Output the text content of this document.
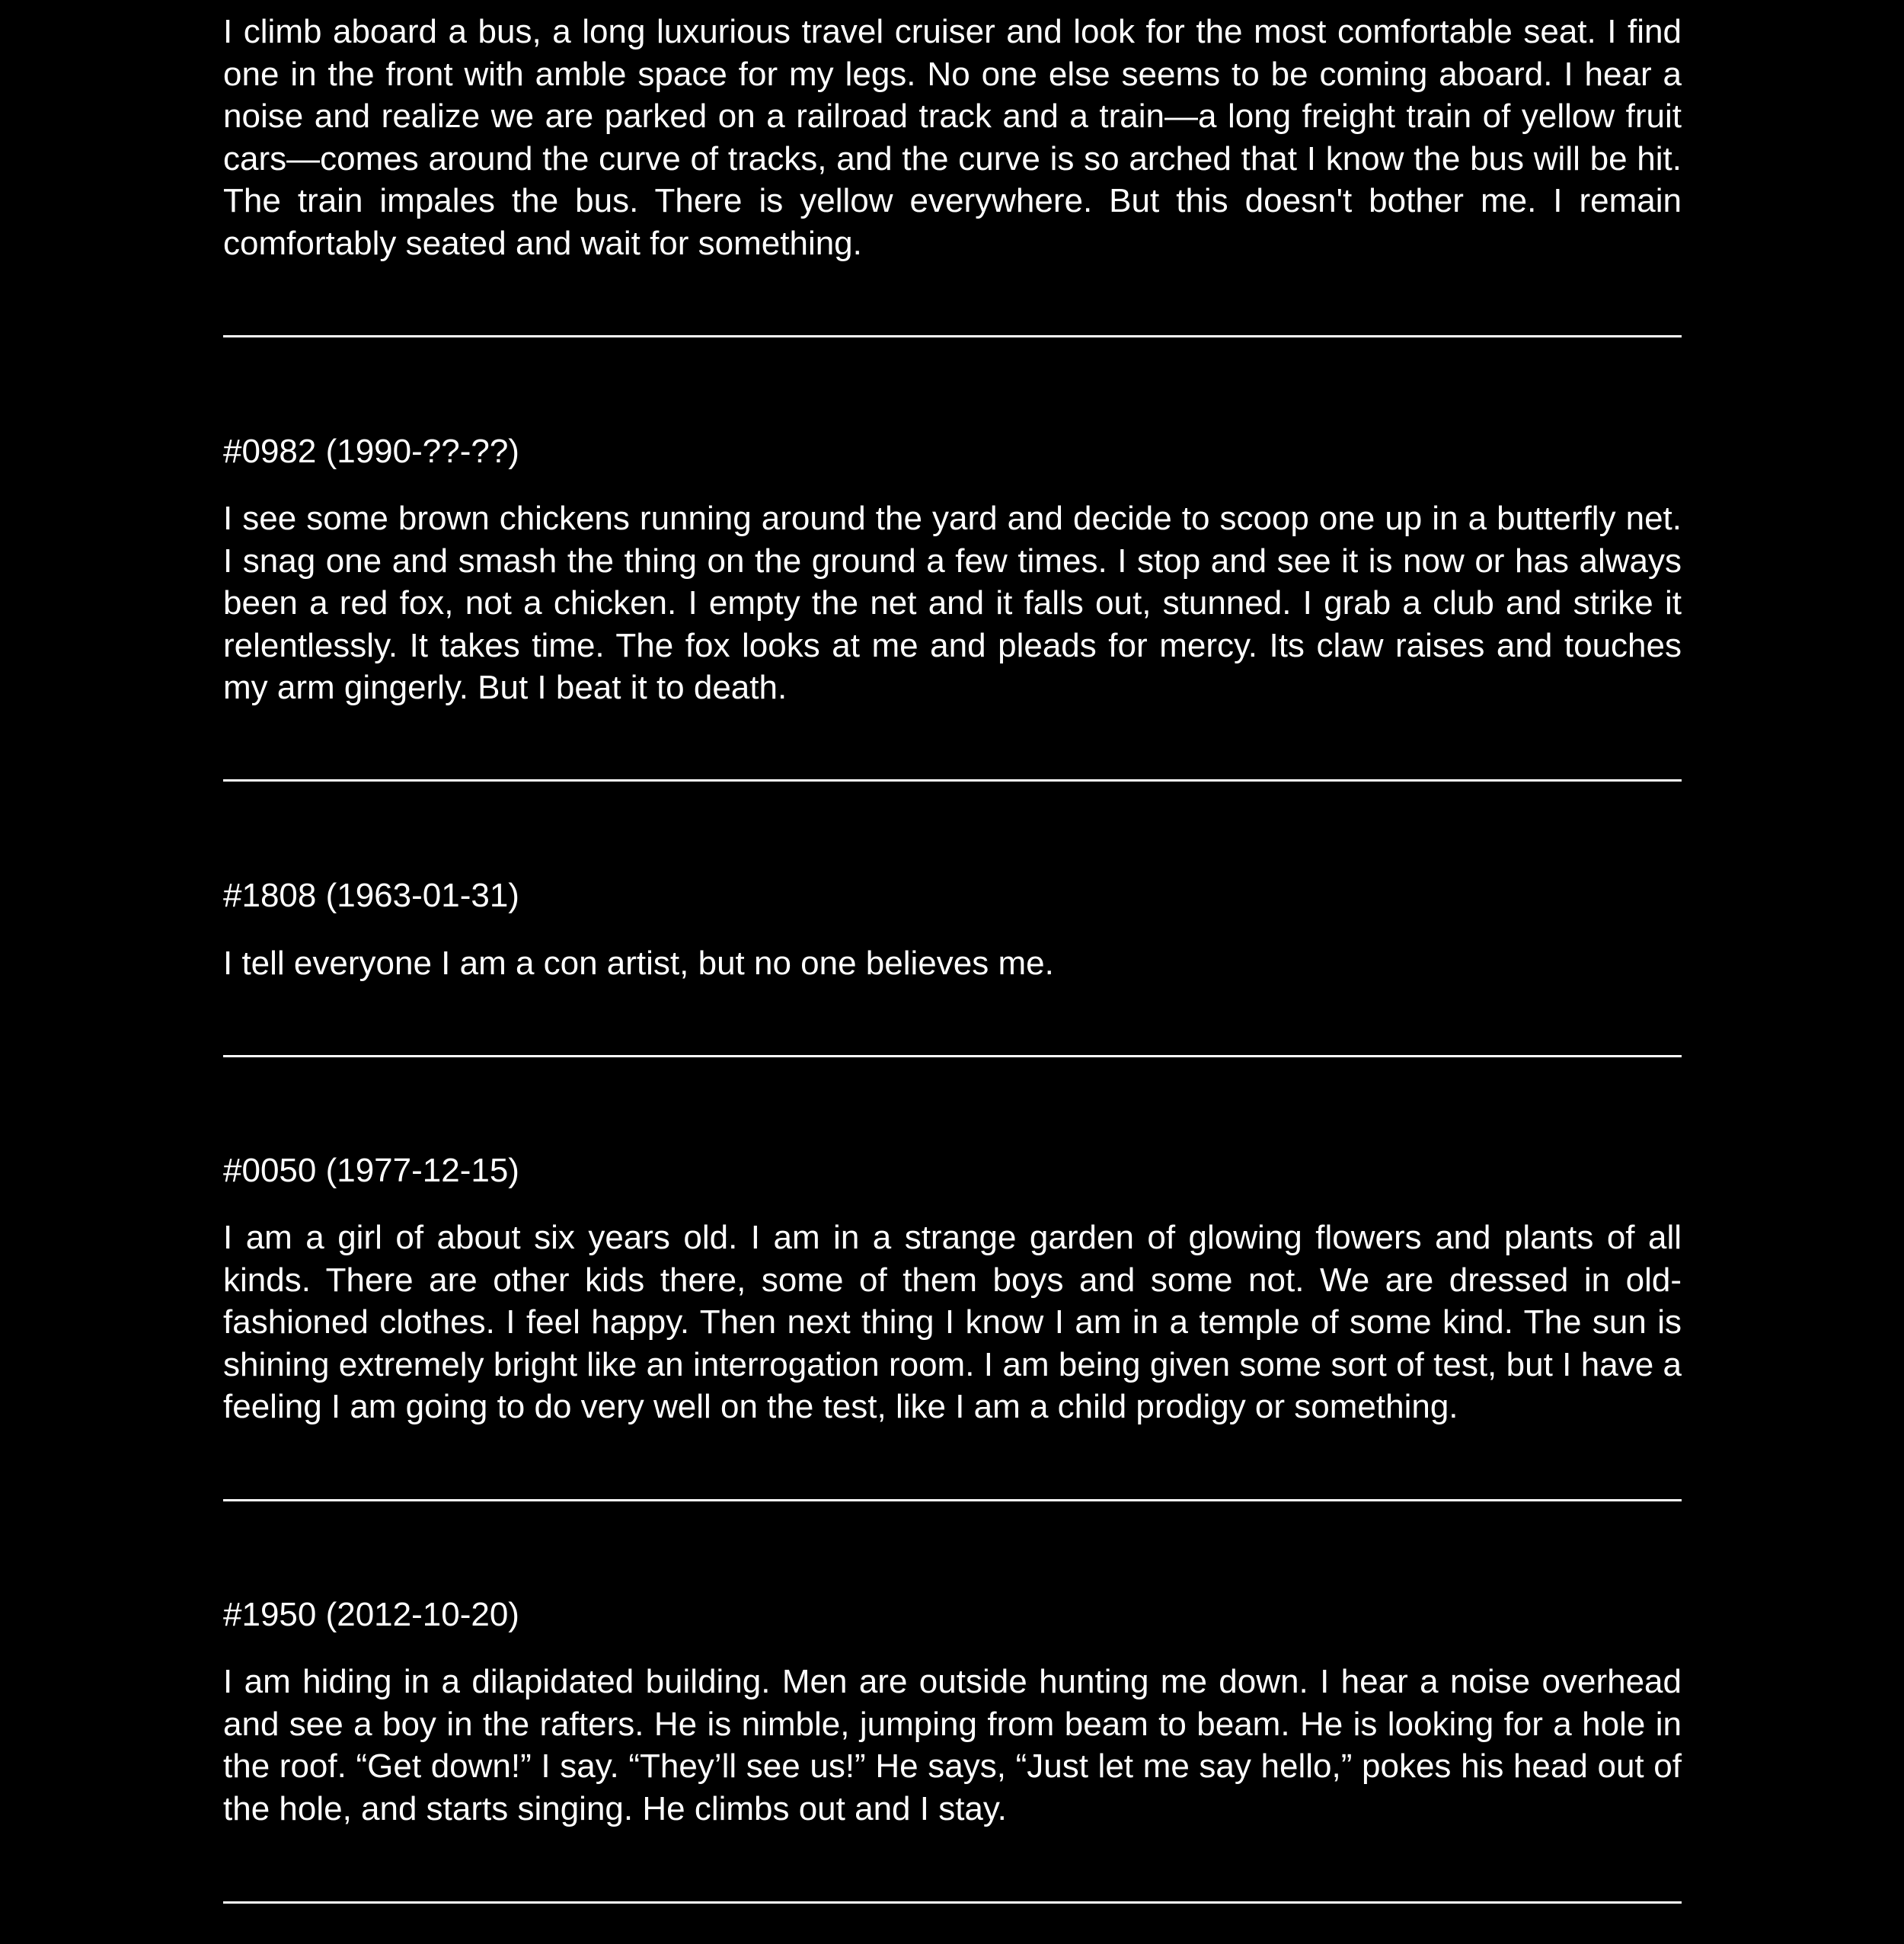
I climb aboard a bus, a long luxurious travel cruiser and look for the most comfortable seat. I find one in the front with amble space for my legs. No one else seems to be coming aboard. I hear a noise and realize we are parked on a railroad track and a train—a long freight train of yellow fruit cars—comes around the curve of tracks, and the curve is so arched that I know the bus will be hit. The train impales the bus. There is yellow everywhere. But this doesn't bother me. I remain comfortably seated and wait for something.

#0982 (1990-??-??)

I see some brown chickens running around the yard and decide to scoop one up in a butterfly net. I snag one and smash the thing on the ground a few times. I stop and see it is now or has always been a red fox, not a chicken. I empty the net and it falls out, stunned. I grab a club and strike it relentlessly. It takes time. The fox looks at me and pleads for mercy. Its claw raises and touches my arm gingerly. But I beat it to death.

#1808 (1963-01-31)

I tell everyone I am a con artist, but no one believes me.

#0050 (1977-12-15)

I am a girl of about six years old. I am in a strange garden of glowing flowers and plants of all kinds. There are other kids there, some of them boys and some not. We are dressed in old-fashioned clothes. I feel happy. Then next thing I know I am in a temple of some kind. The sun is shining extremely bright like an interrogation room. I am being given some sort of test, but I have a feeling I am going to do very well on the test, like I am a child prodigy or something.

#1950 (2012-10-20)

I am hiding in a dilapidated building. Men are outside hunting me down. I hear a noise overhead and see a boy in the rafters. He is nimble, jumping from beam to beam. He is looking for a hole in the roof. “Get down!” I say. “They’ll see us!” He says, “Just let me say hello,” pokes his head out of the hole, and starts singing. He climbs out and I stay.
